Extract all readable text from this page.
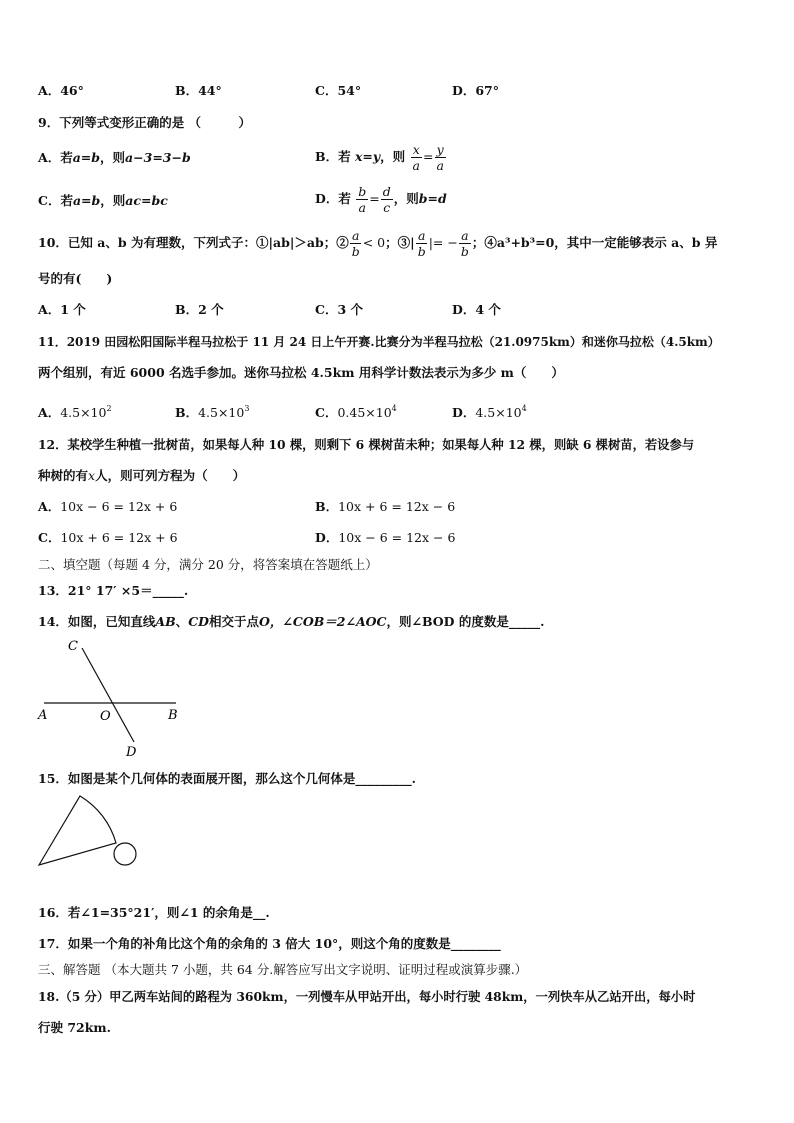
A．46°	B．44°	C．54°	D．67°
9．下列等式变形正确的是 （　　　）
A．若a=b，则a−3=3−b	B．若 x=y，则 $\frac{x}{a} = \frac{y}{a}$
C．若a=b，则ac=bc	D．若 $\frac{b}{a} = \frac{d}{c}$ ，则b=d
10．已知 a、b 为有理数，下列式子：①|ab|＞ab；② $\frac{a}{b} < 0$；③| $\frac{a}{b}$ |= − $\frac{a}{b}$ ；④a³+b³=0，其中一定能够表示 a、b 异
号的有(　　)
A．1 个	B．2 个	C．3 个	D．4 个
11．2019 田园松阳国际半程马拉松于 11 月 24 日上午开赛.比赛分为半程马拉松（21.0975km）和迷你马拉松（4.5km）
两个组别，有近 6000 名选手参加。迷你马拉松 4.5km 用科学计数法表示为多少 m（　　）
A．$4.5\times 10^2$	B．$4.5\times 10^3$	C．$0.45\times 10^4$	D．$4.5\times 10^4$
12．某校学生种植一批树苗，如果每人种 10 棵，则剩下 6 棵树苗未种；如果每人种 12 棵，则缺 6 棵树苗，若设参与
种树的有x人，则可列方程为（　　）
A．10x − 6 = 12x + 6	B．10x + 6 = 12x − 6
C．10x + 6 = 12x + 6	D．10x − 6 = 12x − 6
二、填空题（每题 4 分，满分 20 分，将答案填在答题纸上）
13．21° 17′ ×5＝_____.
14．如图，已知直线AB、CD相交于点O，∠COB＝2∠AOC，则∠BOD 的度数是_____.
C
A	O	B
D
15．如图是某个几何体的表面展开图，那么这个几何体是_________.
16．若∠1=35°21′，则∠1 的余角是__.
17．如果一个角的补角比这个角的余角的 3 倍大 10°，则这个角的度数是________
三、解答题 （本大题共 7 小题，共 64 分.解答应写出文字说明、证明过程或演算步骤.）
18.（5 分）甲乙两车站间的路程为 360km，一列慢车从甲站开出，每小时行驶 48km，一列快车从乙站开出，每小时
行驶 72km.
